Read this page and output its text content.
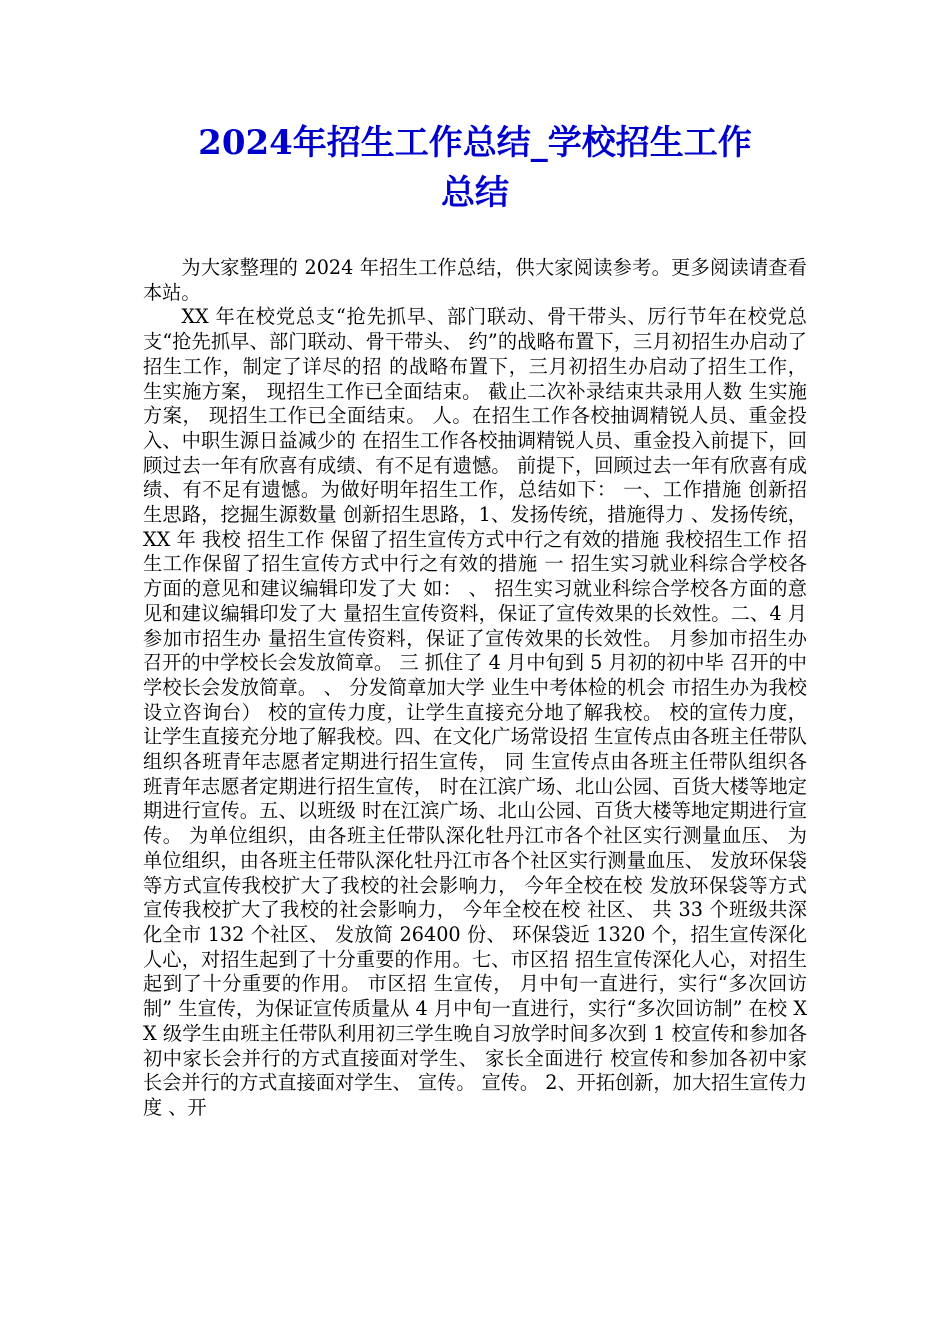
2024年招生工作总结_学校招生工作
总结

为大家整理的 2024 年招生工作总结，供大家阅读参考。更多阅读请查看本站。

XX 年在校党总支“抢先抓早、部门联动、骨干带头、厉行节年在校党总支“抢先抓早、部门联动、骨干带头、 约”的战略布置下，三月初招生办启动了招生工作，制定了详尽的招 的战略布置下，三月初招生办启动了招生工作， 生实施方案， 现招生工作已全面结束。 截止二次补录结束共录用人数 生实施方案， 现招生工作已全面结束。 人。在招生工作各校抽调精锐人员、重金投入、中职生源日益减少的 在招生工作各校抽调精锐人员、重金投入前提下，回顾过去一年有欣喜有成绩、有不足有遗憾。 前提下，回顾过去一年有欣喜有成绩、有不足有遗憾。为做好明年招生工作，总结如下： 一、工作措施 创新招生思路，挖掘生源数量 创新招生思路，1、发扬传统，措施得力 、发扬传统， XX 年 我校 招生工作 保留了招生宣传方式中行之有效的措施 我校招生工作 招生工作保留了招生宣传方式中行之有效的措施 一 招生实习就业科综合学校各方面的意见和建议编辑印发了大 如： 、 招生实习就业科综合学校各方面的意见和建议编辑印发了大 量招生宣传资料，保证了宣传效果的长效性。二、4 月参加市招生办 量招生宣传资料，保证了宣传效果的长效性。 月参加市招生办 召开的中学校长会发放简章。 三 抓住了 4 月中旬到 5 月初的初中毕 召开的中学校长会发放简章。 、 分发简章加大学 业生中考体检的机会 市招生办为我校设立咨询台） 校的宣传力度，让学生直接充分地了解我校。 校的宣传力度，让学生直接充分地了解我校。四、在文化广场常设招 生宣传点由各班主任带队组织各班青年志愿者定期进行招生宣传， 同 生宣传点由各班主任带队组织各班青年志愿者定期进行招生宣传， 时在江滨广场、北山公园、百货大楼等地定期进行宣传。五、以班级 时在江滨广场、北山公园、百货大楼等地定期进行宣传。 为单位组织，由各班主任带队深化牡丹江市各个社区实行测量血压、 为单位组织，由各班主任带队深化牡丹江市各个社区实行测量血压、 发放环保袋等方式宣传我校扩大了我校的社会影响力， 今年全校在校 发放环保袋等方式宣传我校扩大了我校的社会影响力， 今年全校在校 社区、 共 33 个班级共深化全市 132 个社区、 发放简 26400 份、 环保袋近 1320 个，招生宣传深化人心，对招生起到了十分重要的作用。七、市区招 招生宣传深化人心，对招生起到了十分重要的作用。 市区招 生宣传， 月中旬一直进行，实行“多次回访制” 生宣传，为保证宣传质量从 4 月中旬一直进行，实行“多次回访制” 在校 XX 级学生由班主任带队利用初三学生晚自习放学时间多次到 1 校宣传和参加各初中家长会并行的方式直接面对学生、 家长全面进行 校宣传和参加各初中家长会并行的方式直接面对学生、 宣传。 宣传。 2、开拓创新，加大招生宣传力度 、开
